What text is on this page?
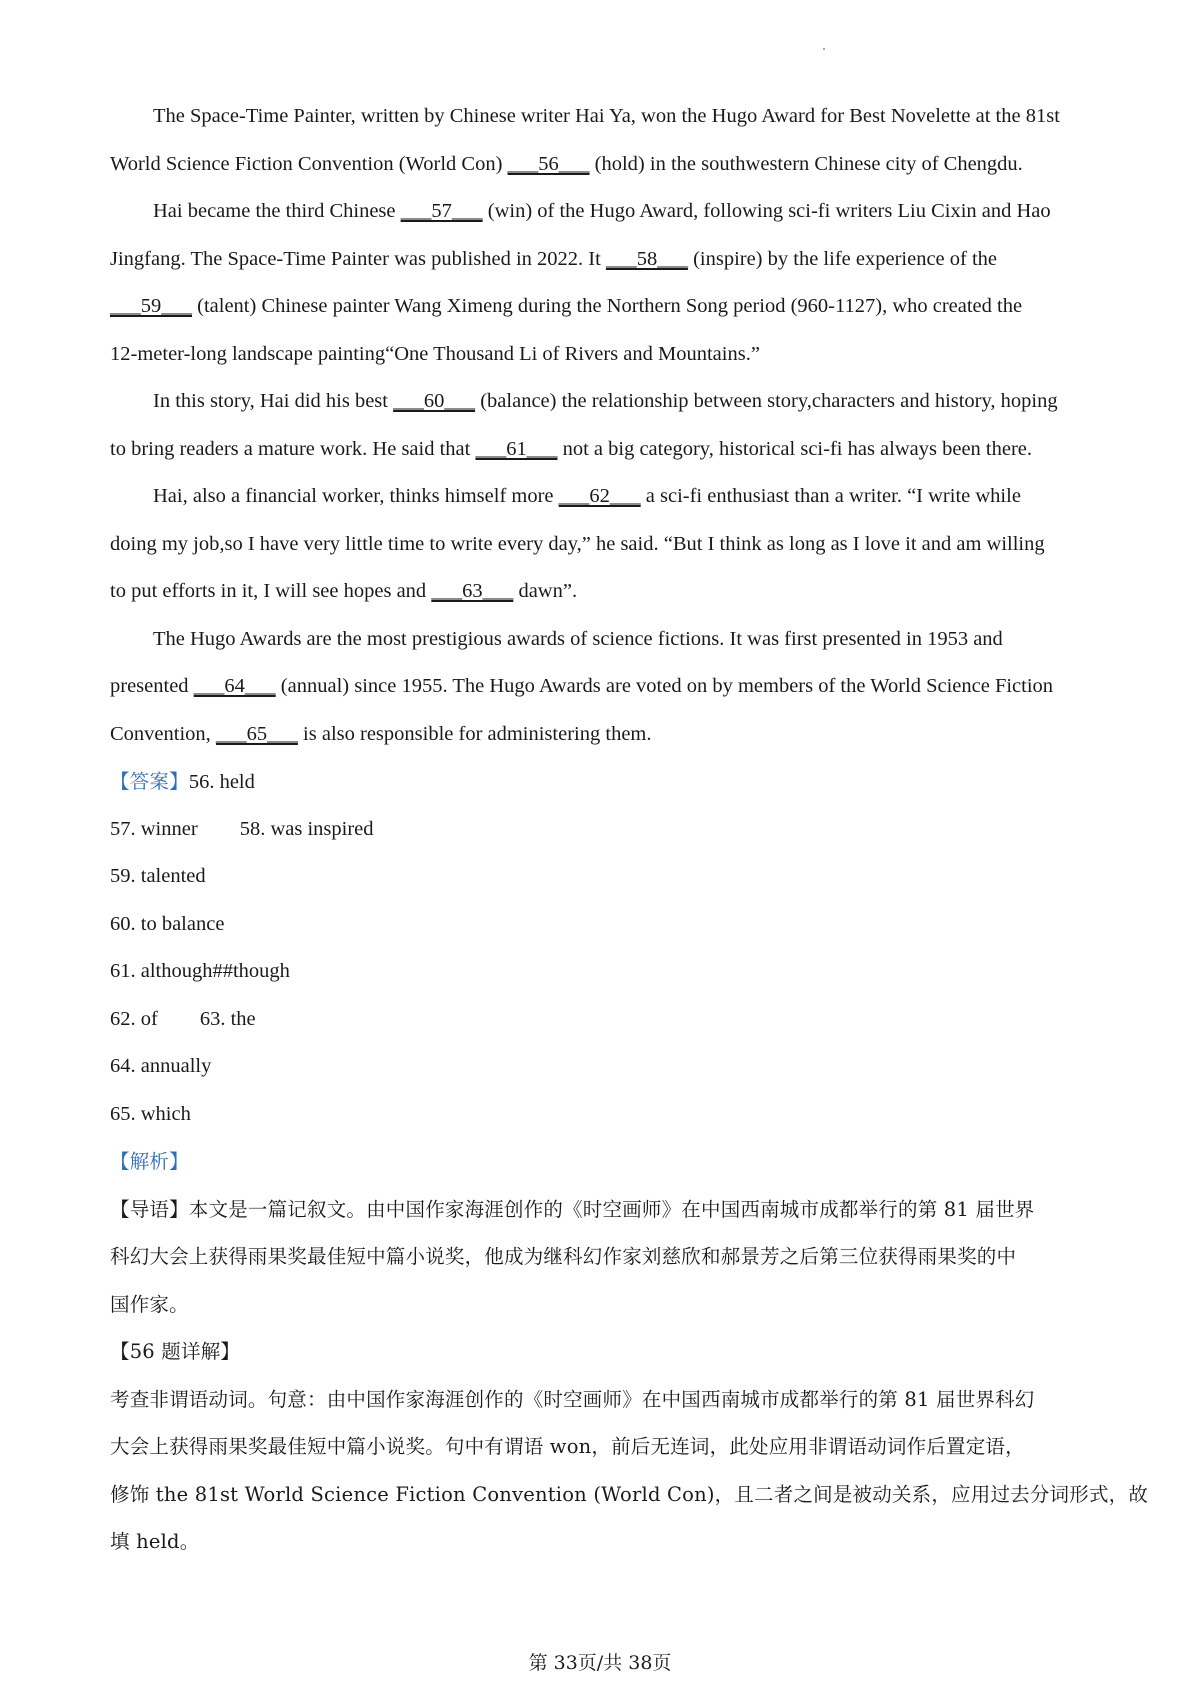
The Space-Time Painter, written by Chinese writer Hai Ya, won the Hugo Award for Best Novelette at the 81st
World Science Fiction Convention (World Con) ___56___ (hold) in the southwestern Chinese city of Chengdu.
Hai became the third Chinese ___57___ (win) of the Hugo Award, following sci-fi writers Liu Cixin and Hao
Jingfang. The Space-Time Painter was published in 2022. It ___58___ (inspire) by the life experience of the
___59___ (talent) Chinese painter Wang Ximeng during the Northern Song period (960-1127), who created the
12-meter-long landscape painting“One Thousand Li of Rivers and Mountains.”
In this story, Hai did his best ___60___ (balance) the relationship between story,characters and history, hoping
to bring readers a mature work. He said that ___61___ not a big category, historical sci-fi has always been there.
Hai, also a financial worker, thinks himself more ___62___ a sci-fi enthusiast than a writer. “I write while
doing my job,so I have very little time to write every day,” he said. “But I think as long as I love it and am willing
to put efforts in it, I will see hopes and ___63___ dawn”.
The Hugo Awards are the most prestigious awards of science fictions. It was first presented in 1953 and
presented ___64___ (annual) since 1955. The Hugo Awards are voted on by members of the World Science Fiction
Convention, ___65___ is also responsible for administering them.
【答案】56. held
57. winner 58. was inspired
59. talented
60. to balance
61. although##though
62. of 63. the
64. annually
65. which
【解析】
【导语】本文是一篇记叙文。由中国作家海涯创作的《时空画师》在中国西南城市成都举行的第 81 届世界
科幻大会上获得雨果奖最佳短中篇小说奖，他成为继科幻作家刘慈欣和郝景芳之后第三位获得雨果奖的中
国作家。
【56 题详解】
考查非谓语动词。句意：由中国作家海涯创作的《时空画师》在中国西南城市成都举行的第 81 届世界科幻
大会上获得雨果奖最佳短中篇小说奖。句中有谓语 won，前后无连词，此处应用非谓语动词作后置定语，
修饰 the 81st World Science Fiction Convention (World Con)，且二者之间是被动关系，应用过去分词形式，故
填 held。
第 33页/共 38页
